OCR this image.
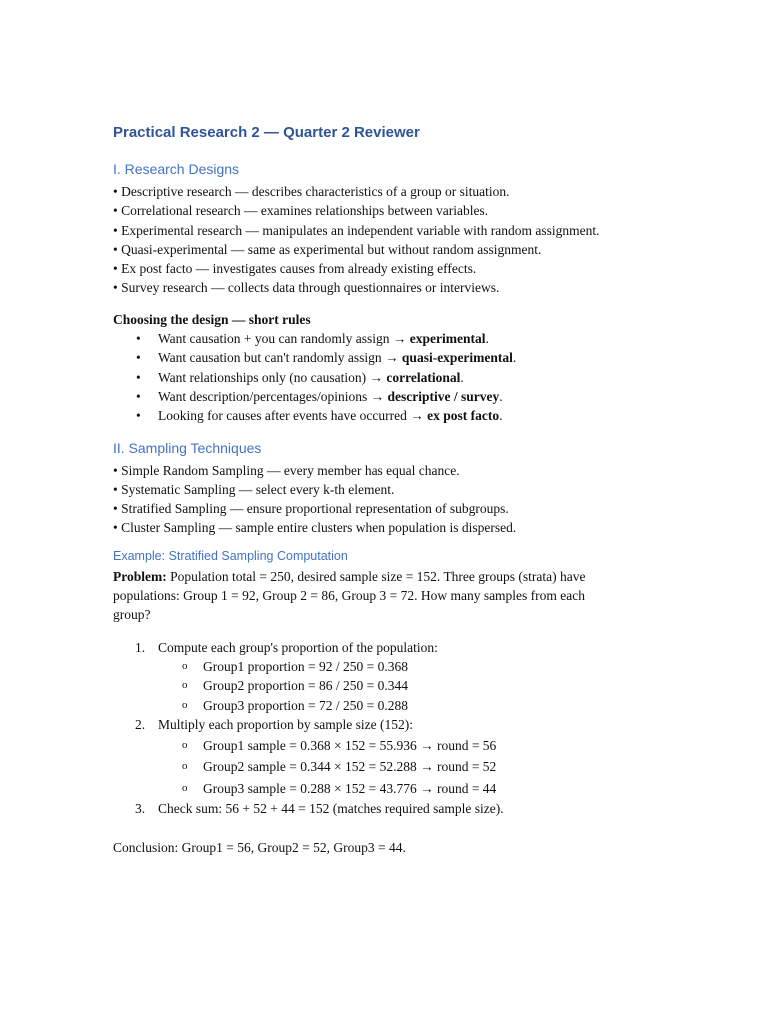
Practical Research 2 — Quarter 2 Reviewer
I. Research Designs

• Descriptive research — describes characteristics of a group or situation.

• Correlational research — examines relationships between variables.

• Experimental research — manipulates an independent variable with random assignment.

• Quasi-experimental — same as experimental but without random assignment.

• Ex post facto — investigates causes from already existing effects.

• Survey research — collects data through questionnaires or interviews.

Choosing the design — short rules

• Want causation + you can randomly assign → experimental.
• Want causation but can't randomly assign → quasi-experimental.
• Want relationships only (no causation) → correlational.
• Want description/percentages/opinions → descriptive / survey.
• Looking for causes after events have occurred → ex post facto.
II. Sampling Techniques

• Simple Random Sampling — every member has equal chance.

• Systematic Sampling — select every k-th element.

• Stratified Sampling — ensure proportional representation of subgroups.

• Cluster Sampling — sample entire clusters when population is dispersed.

Example: Stratified Sampling Computation

Problem: Population total = 250, desired sample size = 152. Three groups (strata) have

populations: Group 1 = 92, Group 2 = 86, Group 3 = 72. How many samples from each

group?

1. Compute each group's proportion of the population:
o Group1 proportion = 92 / 250 = 0.368
o Group2 proportion = 86 / 250 = 0.344
o Group3 proportion = 72 / 250 = 0.288
2. Multiply each proportion by sample size (152):
o Group1 sample = 0.368 × 152 = 55.936 → round = 56
o Group2 sample = 0.344 × 152 = 52.288 → round = 52
o Group3 sample = 0.288 × 152 = 43.776 → round = 44
3. Check sum: 56 + 52 + 44 = 152 (matches required sample size).

Conclusion: Group1 = 56, Group2 = 52, Group3 = 44.
